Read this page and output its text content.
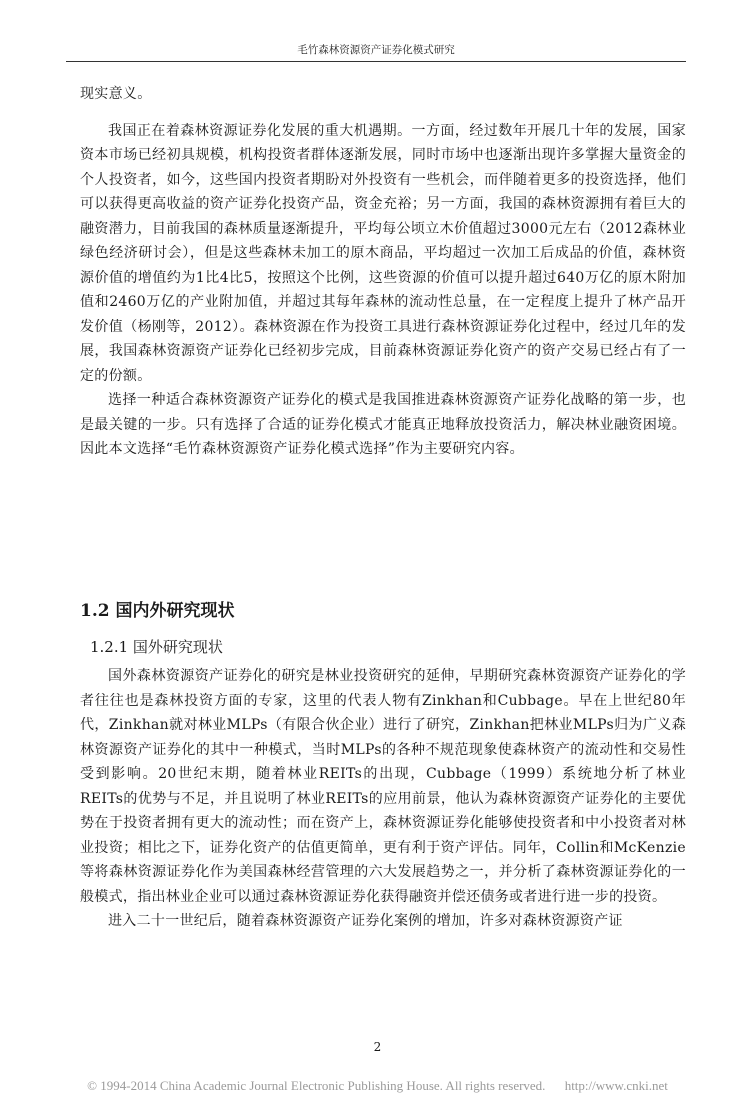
毛竹森林资源资产证券化模式研究

现实意义。

我国正在着森林资源证券化发展的重大机遇期。一方面，经过数年开展几十年的发展，国家资本市场已经初具规模，机构投资者群体逐渐发展，同时市场中也逐渐出现许多掌握大量资金的个人投资者，如今，这些国内投资者期盼对外投资有一些机会，而伴随着更多的投资选择，他们可以获得更高收益的资产证券化投资产品，资金充裕；另一方面，我国的森林资源拥有着巨大的融资潜力，目前我国的森林质量逐渐提升，平均每公顷立木价值超过3000元左右（2012森林业绿色经济研讨会），但是这些森林未加工的原木商品，平均超过一次加工后成品的价值，森林资源价值的增值约为1比4比5，按照这个比例，这些资源的价值可以提升超过640万亿的原木附加值和2460万亿的产业附加值，并超过其每年森林的流动性总量，在一定程度上提升了林产品开发价值（杨刚等，2012）。森林资源在作为投资工具进行森林资源证券化过程中，经过几年的发展，我国森林资源资产证券化已经初步完成，目前森林资源证券化资产的资产交易已经占有了一定的份额。

选择一种适合森林资源资产证券化的模式是我国推进森林资源资产证券化战略的第一步，也是最关键的一步。只有选择了合适的证券化模式才能真正地释放投资活力，解决林业融资困境。因此本文选择“毛竹森林资源资产证券化模式选择”作为主要研究内容。

1.2 国内外研究现状
1.2.1 国外研究现状

国外森林资源资产证券化的研究是林业投资研究的延伸，早期研究森林资源资产证券化的学者往往也是森林投资方面的专家，这里的代表人物有Zinkhan和Cubbage。早在上世纪80年代，Zinkhan就对林业MLPs（有限合伙企业）进行了研究，Zinkhan把林业MLPs归为广义森林资源资产证券化的其中一种模式，当时MLPs的各种不规范现象使森林资产的流动性和交易性受到影响。20世纪末期，随着林业REITs的出现，Cubbage（1999）系统地分析了林业REITs的优势与不足，并且说明了林业REITs的应用前景，他认为森林资源资产证券化的主要优势在于投资者拥有更大的流动性；而在资产上，森林资源证券化能够使投资者和中小投资者对林业投资；相比之下，证券化资产的估值更简单，更有利于资产评估。同年，Collin和McKenzie等将森林资源证券化作为美国森林经营管理的六大发展趋势之一，并分析了森林资源证券化的一般模式，指出林业企业可以通过森林资源证券化获得融资并偿还债务或者进行进一步的投资。

进入二十一世纪后，随着森林资源资产证券化案例的增加，许多对森林资源资产证

2
© 1994-2014 China Academic Journal Electronic Publishing House. All rights reserved. http://www.cnki.net
